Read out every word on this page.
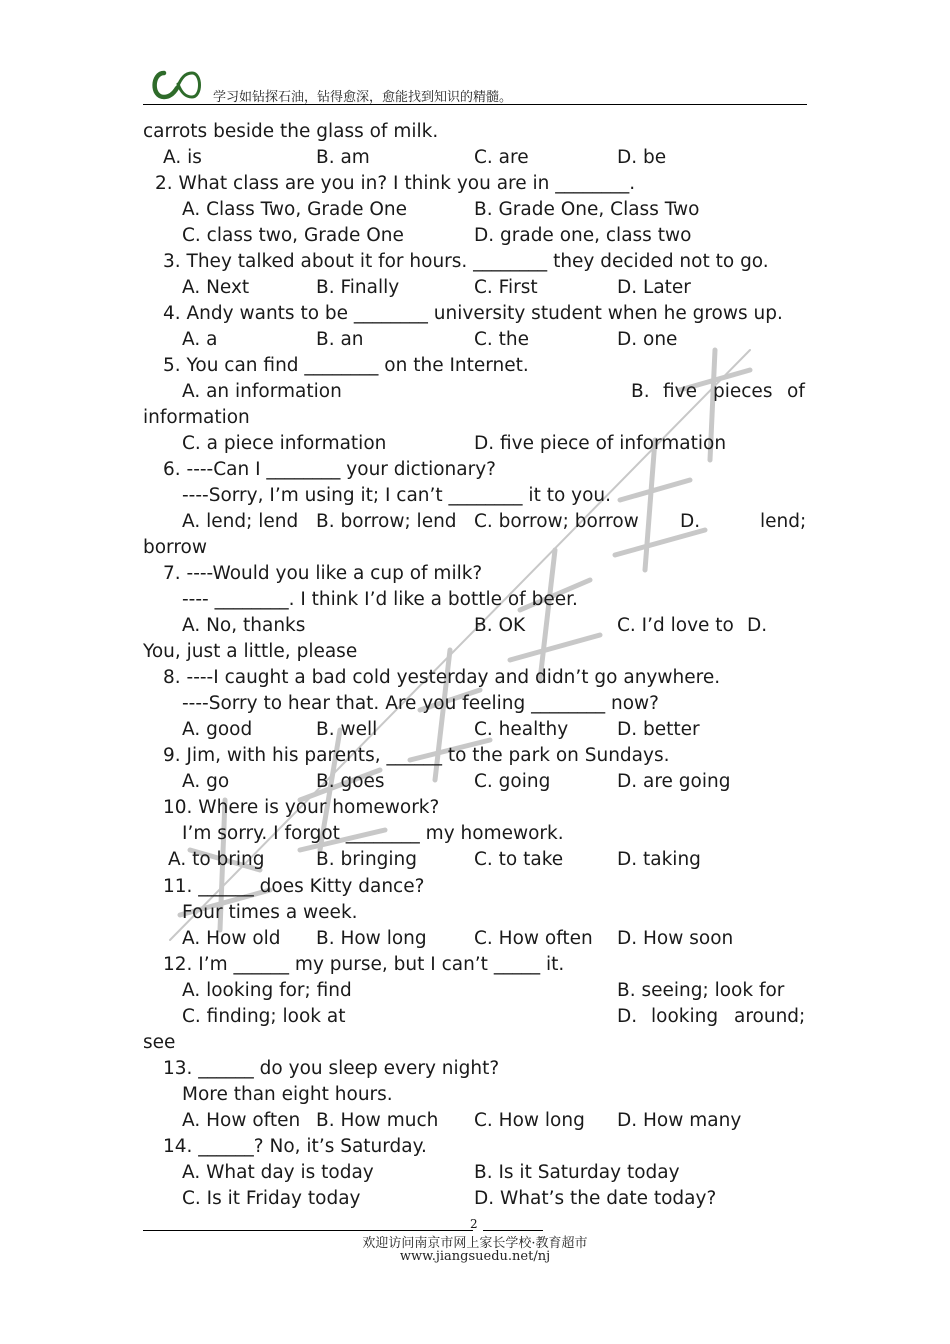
学习如钻探石油，钻得愈深，愈能找到知识的精髓。
carrots beside the glass of milk.
A. is	B. am	C. are	D. be
2. What class are you in? I think you are in ________.
A. Class Two, Grade One	B. Grade One, Class Two
C. class two, Grade One	D. grade one, class two
3. They talked about it for hours. ________ they decided not to go.
A. Next	B. Finally	C. First	D. Later
4. Andy wants to be ________ university student when he grows up.
A. a	B. an	C. the	D. one
5. You can find ________ on the Internet.
A. an information	B. five pieces of
information
C. a piece information	D. five piece of information
6. ----Can I ________ your dictionary?
----Sorry, I’m using it; I can’t ________ it to you.
A. lend; lend B. borrow; lend C. borrow; borrow D.	lend;
borrow
7. ----Would you like a cup of milk?
---- ________. I think I’d like a bottle of beer.
A. No, thanks	B. OK	C. I’d love to D.
You, just a little, please
8. ----I caught a bad cold yesterday and didn’t go anywhere.
----Sorry to hear that. Are you feeling ________ now?
A. good	B. well	C. healthy	D. better
9. Jim, with his parents, ______ to the park on Sundays.
A. go	B. goes	C. going	D. are going
10. Where is your homework?
I’m sorry. I forgot ________ my homework.
A. to bring	B. bringing	C. to take	D. taking
11. ______ does Kitty dance?
Four times a week.
A. How old B. How long	C. How often D. How soon
12. I’m ______ my purse, but I can’t _____ it.
A. looking for; find	B. seeing; look for
C. finding; look at	D. looking around;
see
13. ______ do you sleep every night?
More than eight hours.
A. How often B. How much C. How long D. How many
14. ______? No, it’s Saturday.
A. What day is today	B. Is it Saturday today
C. Is it Friday today	D. What’s the date today?
2
欢迎访问南京市网上家长学校·教育超市
www.jiangsuedu.net/nj
